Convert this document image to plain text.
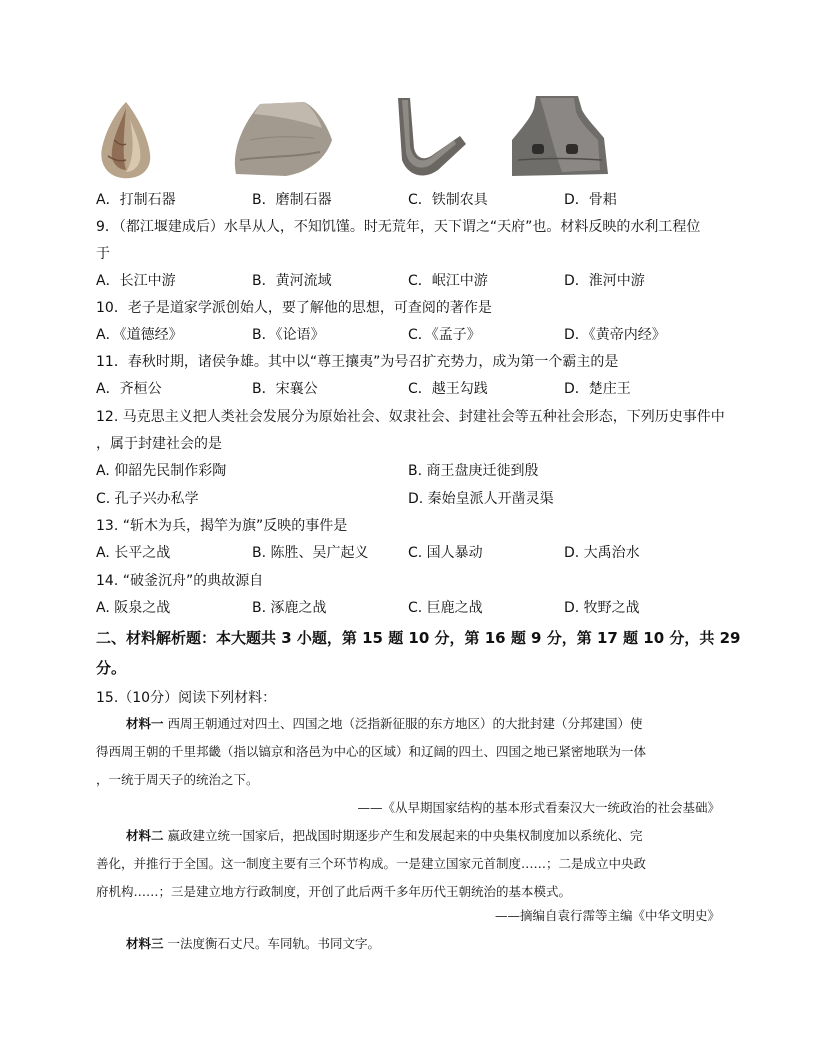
A．打制石器	B．磨制石器	C．铁制农具	D．骨耜
9．（都江堰建成后）水旱从人，不知饥馑。时无荒年，天下谓之“天府”也。材料反映的水利工程位
于
A．长江中游	B．黄河流域	C．岷江中游	D．淮河中游
10．老子是道家学派创始人，要了解他的思想，可查阅的著作是
A．《道德经》	B．《论语》	C．《孟子》	D．《黄帝内经》
11．春秋时期，诸侯争雄。其中以“尊王攘夷”为号召扩充势力，成为第一个霸主的是
A．齐桓公	B．宋襄公	C．越王勾践	D．楚庄王
12. 马克思主义把人类社会发展分为原始社会、奴隶社会、封建社会等五种社会形态，下列历史事件中
，属于封建社会的是
A. 仰韶先民制作彩陶	B. 商王盘庚迁徙到殷
C. 孔子兴办私学	D. 秦始皇派人开凿灵渠
13. “斩木为兵，揭竿为旗”反映的事件是
A. 长平之战	B. 陈胜、吴广起义	C. 国人暴动	D. 大禹治水
14. “破釜沉舟”的典故源自
A. 阪泉之战	B. 涿鹿之战	C. 巨鹿之战	D. 牧野之战
二、材料解析题：本大题共 3 小题，第 15 题 10 分，第 16 题 9 分，第 17 题 10 分，共 29
分。
15.（10分）阅读下列材料：
材料一 西周王朝通过对四土、四国之地（泛指新征服的东方地区）的大批封建（分邦建国）使
得西周王朝的千里邦畿（指以镐京和洛邑为中心的区域）和辽阔的四土、四国之地已紧密地联为一体
，一统于周天子的统治之下。
——《从早期国家结构的基本形式看秦汉大一统政治的社会基础》
材料二 嬴政建立统一国家后，把战国时期逐步产生和发展起来的中央集权制度加以系统化、完
善化，并推行于全国。这一制度主要有三个环节构成。一是建立国家元首制度……；二是成立中央政
府机构……；三是建立地方行政制度，开创了此后两千多年历代王朝统治的基本模式。
——摘编自袁行霈等主编《中华文明史》
材料三 一法度衡石丈尺。车同轨。书同文字。
